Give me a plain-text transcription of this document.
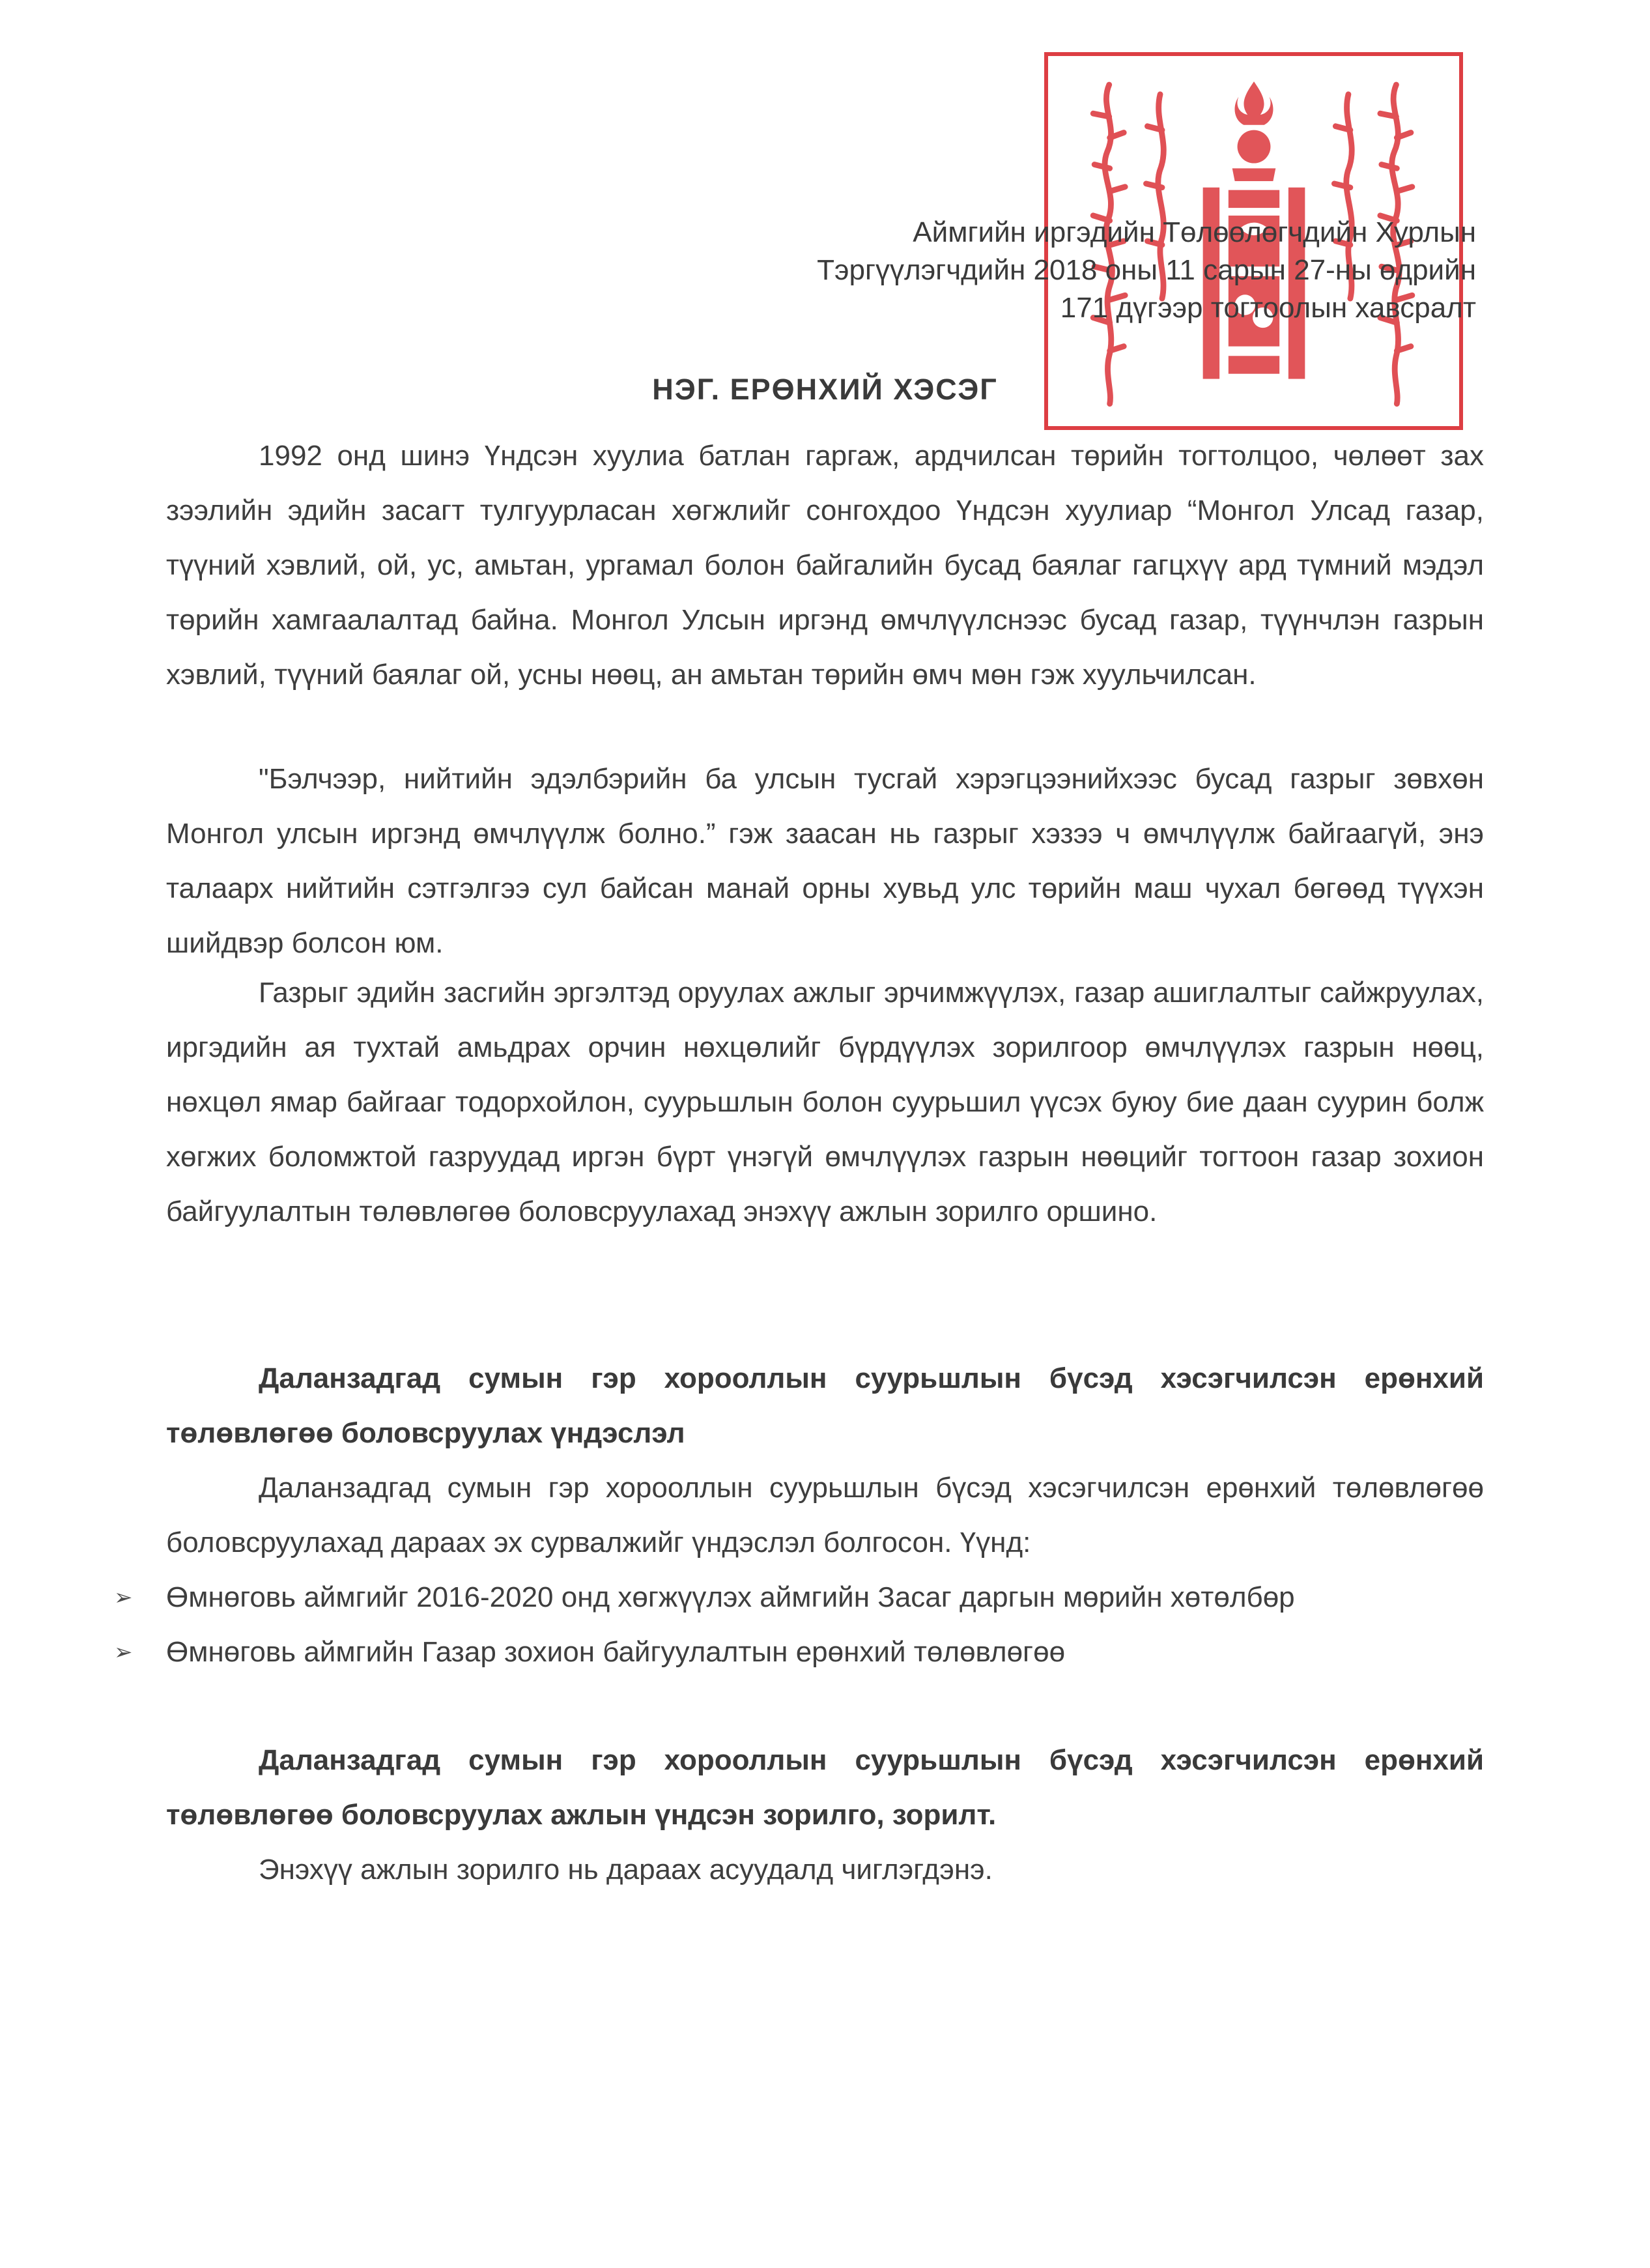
Аймгийн иргэдийн Төлөөлөгчдийн Хурлын
Тэргүүлэгчдийн 2018 оны 11 сарын 27-ны өдрийн
171 дүгээр тогтоолын хавсралт
НЭГ. ЕРӨНХИЙ ХЭСЭГ
1992 онд шинэ Үндсэн хуулиа батлан гаргаж, ардчилсан төрийн тогтолцоо, чөлөөт зах зээлийн эдийн засагт тулгуурласан хөгжлийг сонгохдоо Үндсэн хуулиар “Монгол Улсад газар, түүний хэвлий, ой, ус, амьтан, ургамал болон байгалийн бусад баялаг гагцхүү ард түмний мэдэл төрийн хамгаалалтад байна. Монгол Улсын иргэнд өмчлүүлснээс бусад газар, түүнчлэн газрын хэвлий, түүний баялаг ой, усны нөөц, ан амьтан төрийн өмч мөн гэж хуульчилсан.
"Бэлчээр, нийтийн эдэлбэрийн ба улсын тусгай хэрэгцээнийхээс бусад газрыг зөвхөн Монгол улсын иргэнд өмчлүүлж болно.” гэж заасан нь газрыг хэзээ ч өмчлүүлж байгаагүй, энэ талаарх нийтийн сэтгэлгээ сул байсан манай орны хувьд улс төрийн маш чухал бөгөөд түүхэн шийдвэр болсон юм.
Газрыг эдийн засгийн эргэлтэд оруулах ажлыг эрчимжүүлэх, газар ашиглалтыг сайжруулах, иргэдийн ая тухтай амьдрах орчин нөхцөлийг бүрдүүлэх зорилгоор өмчлүүлэх газрын нөөц, нөхцөл ямар байгааг тодорхойлон, суурьшлын болон суурьшил үүсэх буюу бие даан суурин болж хөгжих боломжтой газруудад иргэн бүрт үнэгүй өмчлүүлэх газрын нөөцийг тогтоон газар зохион байгуулалтын төлөвлөгөө боловсруулахад энэхүү ажлын зорилго оршино.
Даланзадгад сумын гэр хорооллын суурьшлын бүсэд хэсэгчилсэн ерөнхий төлөвлөгөө боловсруулах үндэслэл
Даланзадгад сумын гэр хорооллын суурьшлын бүсэд хэсэгчилсэн ерөнхий төлөвлөгөө боловсруулахад дараах эх сурвалжийг үндэслэл болгосон. Үүнд:
➢	Өмнөговь аймгийг 2016-2020 онд хөгжүүлэх аймгийн Засаг даргын мөрийн хөтөлбөр
➢	Өмнөговь аймгийн Газар зохион байгуулалтын ерөнхий төлөвлөгөө
Даланзадгад сумын гэр хорооллын суурьшлын бүсэд хэсэгчилсэн ерөнхий төлөвлөгөө боловсруулах ажлын үндсэн зорилго, зорилт.
Энэхүү ажлын зорилго нь дараах асуудалд чиглэгдэнэ.
